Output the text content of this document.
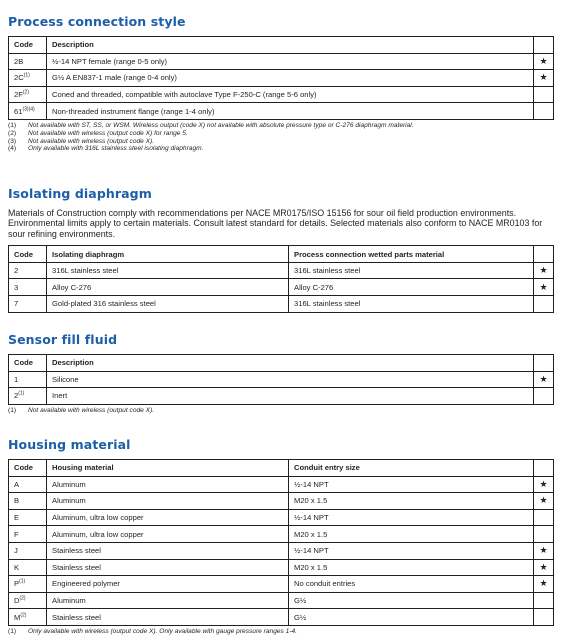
Process connection style
Code	Description	
2B	½-14 NPT female (range 0-5 only)	★
$2C^{(1)}$	G½ A EN837-1 male (range 0-4 only)	★
$2F^{(2)}$	Coned and threaded, compatible with autoclave Type F-250-C (range 5-6 only)	
$61^{(3)(4)}$	Non-threaded instrument flange (range 1-4 only)	
(1)	Not available with ST, SS, or WSM. Wireless output (code X) not available with absolute pressure type or C-276 diaphragm material.
(2)	Not available with wireless (output code X) for range 5.
(3)	Not available with wireless (output code X).
(4)	Only available with 316L stainless steel isolating diaphragm.
Isolating diaphragm

Materials of Construction comply with recommendations per NACE MR0175/ISO 15156 for sour oil field production environments. Environmental limits apply to certain materials. Consult latest standard for details. Selected materials also conform to NACE MR0103 for sour refining environments.

Code	Isolating diaphragm	Process connection wetted parts material	
2	316L stainless steel	316L stainless steel	★
3	Alloy C-276	Alloy C-276	★
7	Gold-plated 316 stainless steel	316L stainless steel	
Sensor fill fluid
Code	Description	
1	Silicone	★
2$^{(1)}$	Inert	
(1)	Not available with wireless (output code X).
Housing material
Code	Housing material	Conduit entry size	
A	Aluminum	½-14 NPT	★
B	Aluminum	M20 x 1.5	★
E	Aluminum, ultra low copper	½-14 NPT	
F	Aluminum, ultra low copper	M20 x 1.5	
J	Stainless steel	½-14 NPT	★
K	Stainless steel	M20 x 1.5	★
$P^{(1)}$	Engineered polymer	No conduit entries	★
$D^{(2)}$	Aluminum	G½	
$M^{(2)}$	Stainless steel	G½	
(1)	Only available with wireless (output code X). Only available with gauge pressure ranges 1-4.
